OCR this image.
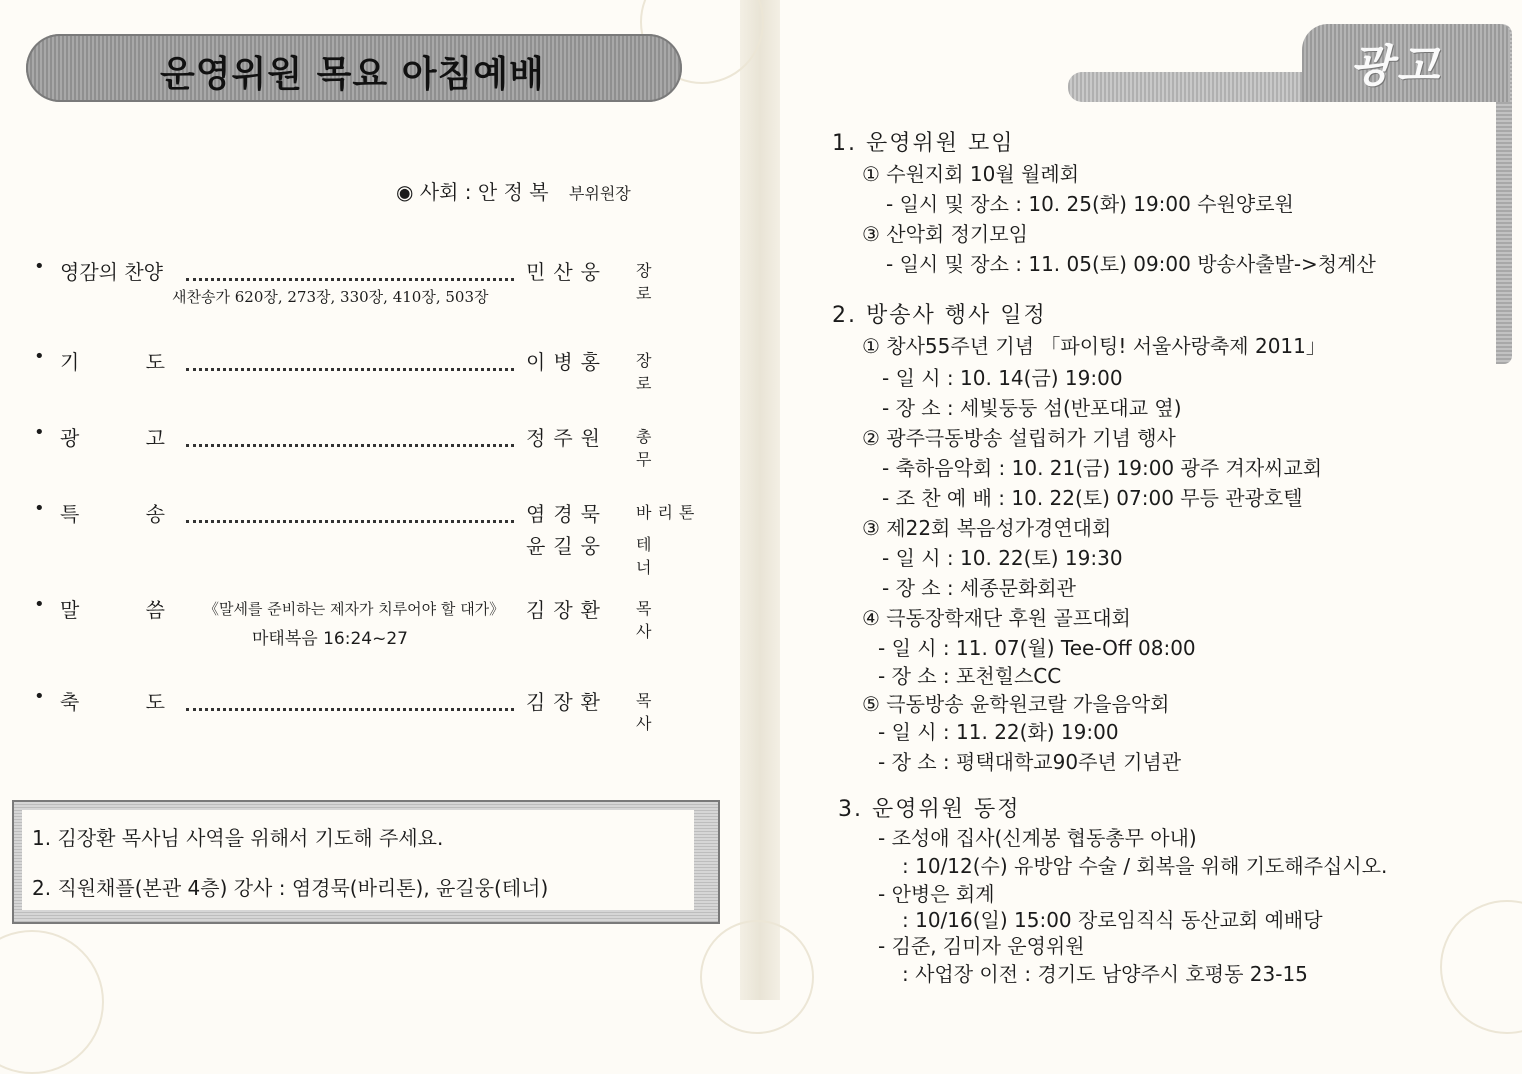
운영위원 목요 아침예배
◉ 사회 : 안 정 복 부위원장
• 영감의 찬양	민산웅 장 로
새찬송가 620장, 273장, 330장, 410장, 503장
• 기 도	이병홍 장 로
• 광 고	정주원 총 무
• 특 송	염경묵 바리톤
윤길웅 테 너
• 말 씀	김장환 목 사
《말세를 준비하는 제자가 치루어야 할 대가》
마태복음 16:24~27
• 축 도	김장환 목 사
1. 김장환 목사님 사역을 위해서 기도해 주세요.
2. 직원채플(본관 4층) 강사 : 염경묵(바리톤), 윤길웅(테너)
광고
1. 운영위원 모임
① 수원지회 10월 월례회
- 일시 및 장소 : 10. 25(화) 19:00 수원양로원
③ 산악회 정기모임
- 일시 및 장소 : 11. 05(토) 09:00 방송사출발->청계산
2. 방송사 행사 일정
① 창사55주년 기념 「파이팅! 서울사랑축제 2011」
- 일 시 : 10. 14(금) 19:00
- 장 소 : 세빛둥둥 섬(반포대교 옆)
② 광주극동방송 설립허가 기념 행사
- 축하음악회 : 10. 21(금) 19:00 광주 겨자씨교회
- 조 찬 예 배 : 10. 22(토) 07:00 무등 관광호텔
③ 제22회 복음성가경연대회
- 일 시 : 10. 22(토) 19:30
- 장 소 : 세종문화회관
④ 극동장학재단 후원 골프대회
- 일 시 : 11. 07(월) Tee-Off 08:00
- 장 소 : 포천힐스CC
⑤ 극동방송 윤학원코랄 가을음악회
- 일 시 : 11. 22(화) 19:00
- 장 소 : 평택대학교90주년 기념관
3. 운영위원 동정
- 조성애 집사(신계봉 협동총무 아내)
: 10/12(수) 유방암 수술 / 회복을 위해 기도해주십시오.
- 안병은 회계
: 10/16(일) 15:00 장로임직식 동산교회 예배당
- 김준, 김미자 운영위원
: 사업장 이전 : 경기도 남양주시 호평동 23-15
